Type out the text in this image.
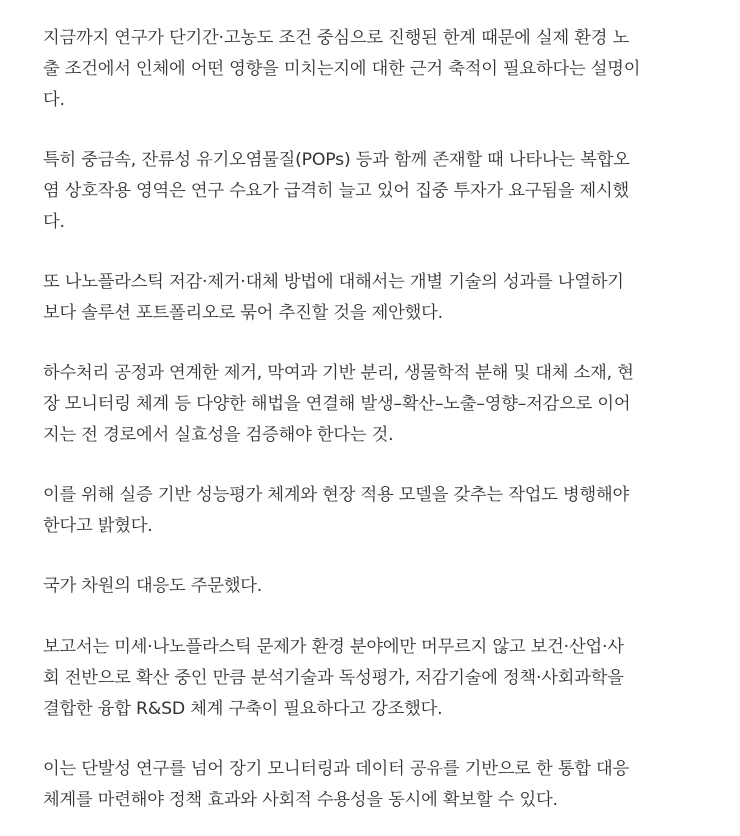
지금까지 연구가 단기간·고농도 조건 중심으로 진행된 한계 때문에 실제 환경 노
출 조건에서 인체에 어떤 영향을 미치는지에 대한 근거 축적이 필요하다는 설명이
다.
특히 중금속, 잔류성 유기오염물질(POPs) 등과 함께 존재할 때 나타나는 복합오
염 상호작용 영역은 연구 수요가 급격히 늘고 있어 집중 투자가 요구됨을 제시했
다.
또 나노플라스틱 저감·제거·대체 방법에 대해서는 개별 기술의 성과를 나열하기
보다 솔루션 포트폴리오로 묶어 추진할 것을 제안했다.
하수처리 공정과 연계한 제거, 막여과 기반 분리, 생물학적 분해 및 대체 소재, 현
장 모니터링 체계 등 다양한 해법을 연결해 발생–확산–노출–영향–저감으로 이어
지는 전 경로에서 실효성을 검증해야 한다는 것.
이를 위해 실증 기반 성능평가 체계와 현장 적용 모델을 갖추는 작업도 병행해야
한다고 밝혔다.
국가 차원의 대응도 주문했다.
보고서는 미세·나노플라스틱 문제가 환경 분야에만 머무르지 않고 보건·산업·사
회 전반으로 확산 중인 만큼 분석기술과 독성평가, 저감기술에 정책·사회과학을
결합한 융합 R&SD 체계 구축이 필요하다고 강조했다.
이는 단발성 연구를 넘어 장기 모니터링과 데이터 공유를 기반으로 한 통합 대응
체계를 마련해야 정책 효과와 사회적 수용성을 동시에 확보할 수 있다.
